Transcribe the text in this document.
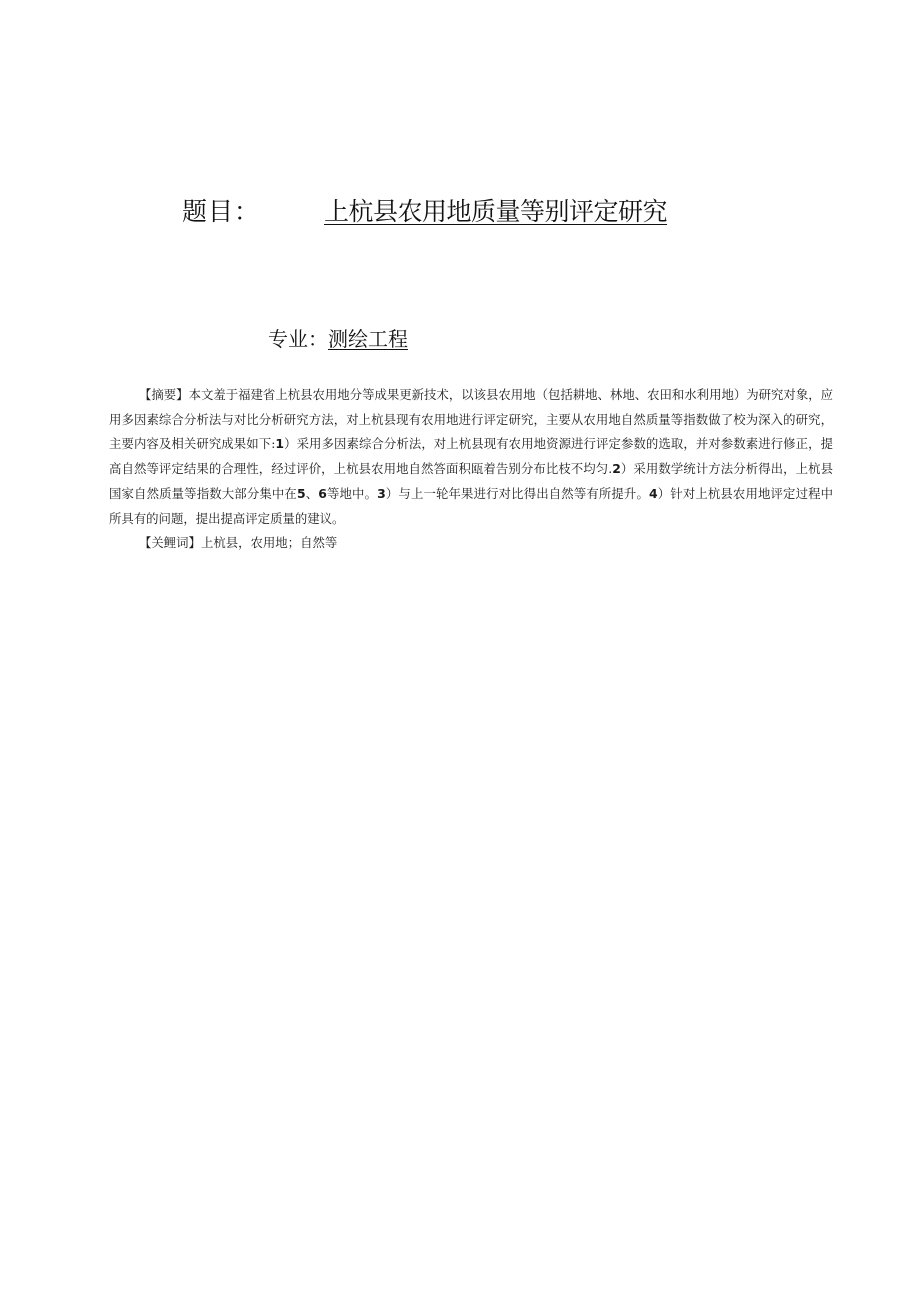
题目：	上杭县农用地质量等别评定研究
专业：测绘工程

【摘要】本文羞于福建省上杭县农用地分等成果更新技术，以该县农用地（包括耕地、林地、农田和水利用地）为研究对象，应用多因素综合分析法与对比分析研究方法，对上杭县现有农用地进行评定研究，主要从农用地自然质量等指数做了校为深入的研究，主要内容及相关研究成果如下:1）采用多因素综合分析法，对上杭县现有农用地资源进行评定参数的选取，并对参数素进行修正，提高自然等评定结果的合理性，经过评价，上杭县农用地自然答面积瓯着告别分布比枝不均匀.2）采用数学统计方法分析得出，上杭县国家自然质量等指数大部分集中在5、6等地中。3）与上一轮年果进行对比得出自然等有所提升。4）针对上杭县农用地评定过程中所具有的问题，提出提高评定质量的建议。

【关鲤词】上杭县，农用地；自然等
